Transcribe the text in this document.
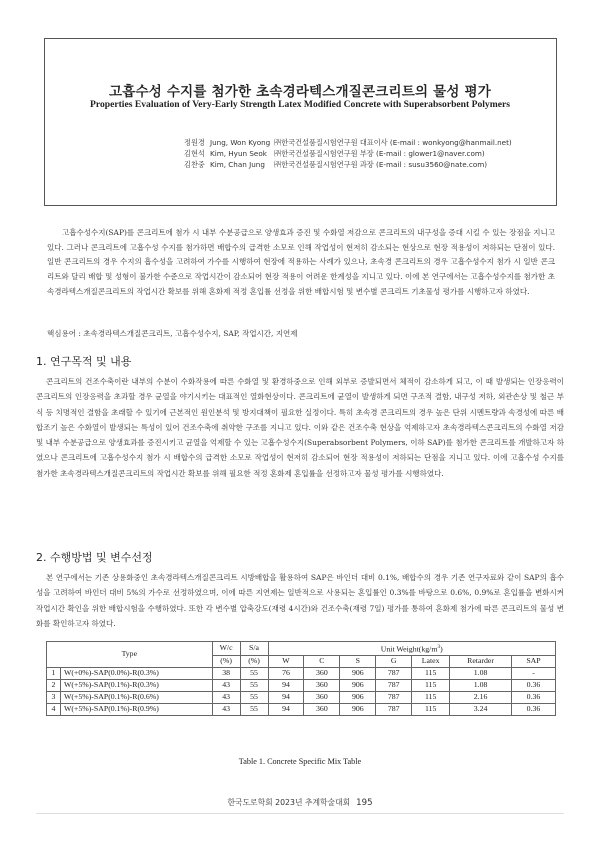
고흡수성 수지를 첨가한 초속경라텍스개질콘크리트의 물성 평가
Properties Evaluation of Very-Early Strength Latex Modified Concrete with Superabsorbent Polymers
정원경 Jung, Won Kyong ㈜한국건설품질시험연구원 대표이사 (E-mail : wonkyong@hanmail.net)
김현석 Kim, Hyun Seok ㈜한국건설품질시험연구원 부장 (E-mail : glower1@naver.com)
김찬중 Kim, Chan Jung	㈜한국건설품질시험연구원 과장 (E-mail : susu3560@nate.com)

고흡수성수지(SAP)를 콘크리트에 첨가 시 내부 수분공급으로 양생효과 증진 및 수화열 저감으로 콘크리트의 내구성을 증대 시킬 수 있는 장점을 지니고 있다. 그러나 콘크리트에 고흡수성 수지를 첨가하면 배합수의 급격한 소모로 인해 작업성이 현저히 감소되는 현상으로 현장 적용성이 저하되는 단점이 있다. 일반 콘크리트의 경우 수지의 흡수성을 고려하여 가수를 시행하여 현장에 적용하는 사례가 있으나, 초속경 콘크리트의 경우 고흡수성수지 첨가 시 일반 콘크리트와 달리 배합 및 성형이 불가한 수준으로 작업시간이 감소되어 현장 적용이 어려운 한계성을 지니고 있다. 이에 본 연구에서는 고흡수성수지를 첨가한 초속경라텍스개질콘크리트의 작업시간 확보를 위해 혼화제 적정 혼입률 선정을 위한 배합시험 및 변수별 콘크리트 기초물성 평가를 시행하고자 하였다.

핵심용어 : 초속경라텍스개질콘크리트, 고흡수성수지, SAP, 작업시간, 지연제
1. 연구목적 및 내용

콘크리트의 건조수축이란 내부의 수분이 수화작용에 따른 수화열 및 환경하중으로 인해 외부로 증발되면서 체적이 감소하게 되고, 이 때 발생되는 인장응력이 콘크리트의 인장응력을 초과할 경우 균열을 야기시키는 대표적인 열화현상이다. 콘크리트에 균열이 발생하게 되면 구조적 결함, 내구성 저하, 외관손상 및 철근 부식 등 치명적인 결함을 초래할 수 있기에 근본적인 원인분석 및 방지대책이 필요한 실정이다. 특히 초속경 콘크리트의 경우 높은 단위 시멘트량과 속경성에 따른 배합조기 높은 수화열이 발생되는 특성이 있어 건조수축에 취약한 구조를 지니고 있다. 이와 같은 건조수축 현상을 억제하고자 초속경라텍스콘크리트의 수화열 저감 및 내부 수분공급으로 양생효과를 증진시키고 균열을 억제할 수 있는 고흡수성수지(Superabsorbent Polymers, 이하 SAP)를 첨가한 콘크리트를 개발하고자 하였으나 콘크리트에 고흡수성수지 첨가 시 배합수의 급격한 소모로 작업성이 현저히 감소되어 현장 적용성이 저하되는 단점을 지니고 있다. 이에 고흡수성 수지를 첨가한 초속경라텍스개질콘크리트의 작업시간 확보를 위해 필요한 적정 혼화제 혼입률을 선정하고자 물성 평가를 시행하였다.

2. 수행방법 및 변수선정

본 연구에서는 기존 상용화중인 초속경라텍스개질콘크리트 시방배합을 활용하여 SAP은 바인더 대비 0.1%, 배합수의 경우 기존 연구자료와 같이 SAP의 흡수성을 고려하여 바인더 대비 5%의 가수로 선정하였으며, 이에 따른 지연제는 일반적으로 사용되는 혼입률인 0.3%를 바탕으로 0.6%, 0.9%로 혼입률을 변화시켜 작업시간 확인을 위한 배합시험을 수행하였다. 또한 각 변수별 압축강도(재령 4시간)와 건조수축(재령 7일) 평가를 통하여 혼화제 첨가에 따른 콘크리트의 물성 변화를 확인하고자 하였다.

Type		W/c	S/a	Unit $Weight(kg/m^3)$						
		(%)	(%)	W	C	S	G	Latex	Retarder	SAP
1	W(+0%)-SAP(0.0%)-R(0.3%)	38	55	76	360	906	787	115	1.08	-
2	W(+5%)-SAP(0.1%)-R(0.3%)	43	55	94	360	906	787	115	1.08	0.36
3	W(+5%)-SAP(0.1%)-R(0.6%)	43	55	94	360	906	787	115	2.16	0.36
4	W(+5%)-SAP(0.1%)-R(0.9%)	43	55	94	360	906	787	115	3.24	0.36
Table 1. Concrete Specific Mix Table
한국도로학회 2023년 추계학술대회 195
